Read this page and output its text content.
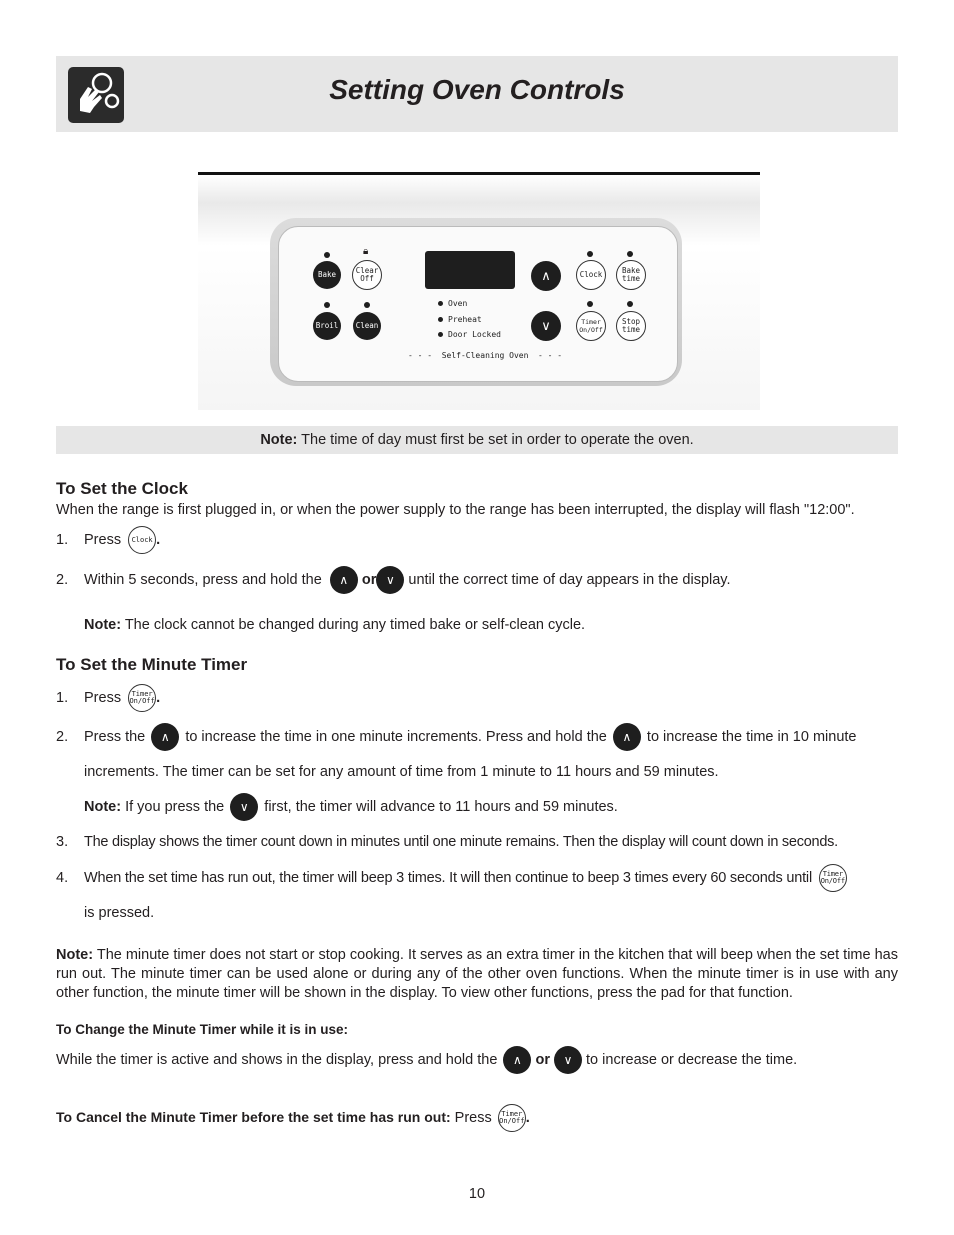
Setting Oven Controls
🔒︎
Bake	Clear
Off
Broil	Clean
Oven
Preheat
Door Locked
- - -  Self-Cleaning Oven  - - -
∧
∨
Clock	Bake
time
Timer
On/Off
Stop
time
Note: The time of day must first be set in order to operate the oven.
To Set the Clock
When the range is first plugged in, or when the power supply to the range has been interrupted, the display will flash "12:00".
1. Press Clock .
2. Within 5 seconds, press and hold the ∧ or ∨ until the correct time of day appears in the display.
Note: The clock cannot be changed during any timed bake or self-clean cycle.
To Set the Minute Timer
1. Press Timer
On/Off.
2. Press the ∧ to increase the time in one minute increments. Press and hold the ∧ to increase the time in 10 minute
increments. The timer can be set for any amount of time from 1 minute to 11 hours and 59 minutes.
Note: If you press the ∨ first, the timer will advance to 11 hours and 59 minutes.
3. The display shows the timer count down in minutes until one minute remains. Then the display will count down in seconds.
4. When the set time has run out, the timer will beep 3 times. It will then continue to beep 3 times every 60 seconds until Timer
On/Off
is pressed.
Note: The minute timer does not start or stop cooking. It serves as an extra timer in the kitchen that will beep when the set time has run out. The minute timer can be used alone or during any of the other oven functions. When the minute timer is in use with any other function, the minute timer will be shown in the display. To view other functions, press the pad for that function.
To Change the Minute Timer while it is in use:
While the timer is active and shows in the display, press and hold the ∧ or ∨ to increase or decrease the time.
To Cancel the Minute Timer before the set time has run out: Press Timer
On/Off.
10
